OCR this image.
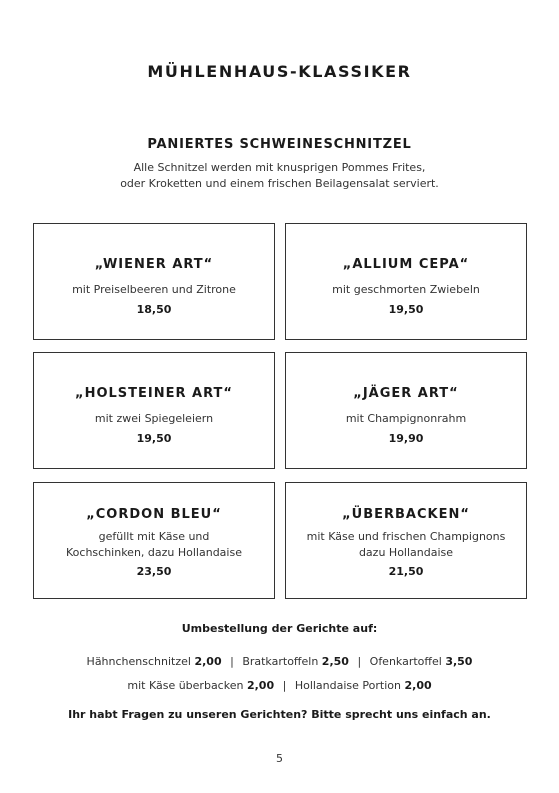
MÜHLENHAUS-KLASSIKER
PANIERTES SCHWEINESCHNITZEL
Alle Schnitzel werden mit knusprigen Pommes Frites,
oder Kroketten und einem frischen Beilagensalat serviert.
„WIENER ART“
mit Preiselbeeren und Zitrone
18,50
„ALLIUM CEPA“
mit geschmorten Zwiebeln
19,50
„HOLSTEINER ART“
mit zwei Spiegeleiern
19,50
„JÄGER ART“
mit Champignonrahm
19,90
„CORDON BLEU“
gefüllt mit Käse und
Kochschinken, dazu Hollandaise
23,50
„ÜBERBACKEN“
mit Käse und frischen Champignons
dazu Hollandaise
21,50
Umbestellung der Gerichte auf:
Hähnchenschnitzel 2,00 | Bratkartoffeln 2,50 | Ofenkartoffel 3,50
mit Käse überbacken 2,00 | Hollandaise Portion 2,00
Ihr habt Fragen zu unseren Gerichten? Bitte sprecht uns einfach an.
5
